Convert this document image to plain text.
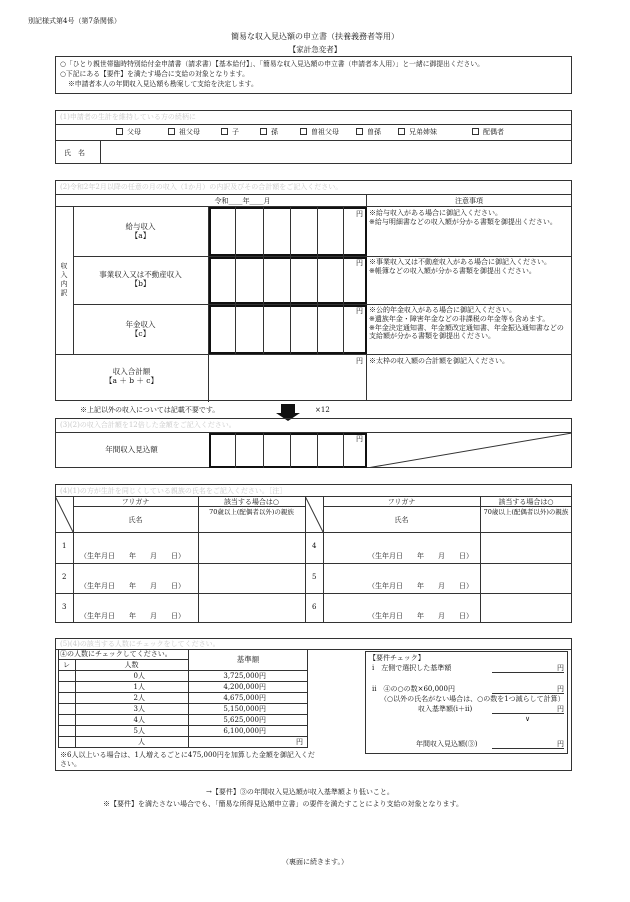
別記様式第4号（第7条関係）
簡易な収入見込額の申立書（扶養義務者等用）
【家計急変者】
○「ひとり親世帯臨時特別給付金申請書（請求書）【基本給付】」、「簡易な収入見込額の申立書（申請者本人用）」と一緒に御提出ください。
○下記にある【要件】を満たす場合に支給の対象となります。
※申請者本人の年間収入見込額も勘案して支給を決定します。
(1)申請者の生計を維持している方の続柄に
氏　名
父母	祖父母	子	孫	曽祖父母	曽孫	兄弟姉妹	配偶者
(2)令和2年2月以降の任意の月の収入（1か月）の内訳及びその合計額をご記入ください。
令和____年____月	注意事項
収入内訳
給与収入
【a】
円 ※給与収入がある場合に御記入ください。
※給与明細書などの収入額が分かる書類を御提出ください。
事業収入又は不動産収入
【b】
円 ※事業収入又は不動産収入がある場合に御記入ください。
※帳簿などの収入額が分かる書類を御提出ください。
年金収入
【c】
円 ※公的年金収入がある場合に御記入ください。
※遺族年金・障害年金などの非課税の年金等も含めます。
※年金決定通知書、年金額改定通知書、年金振込通知書などの支給額が分かる書類を御提出ください。
収入合計額
【a ＋ b ＋ c】
円 ※太枠の収入額の合計額を御記入ください。
※上記以外の収入については記載不要です。	×12
(3)(2)の収入合計額を12倍した金額をご記入ください。
年間収入見込額
円
(4)(1)の方が生計を同じくしている親族の氏名をご記入ください。［注］
フリガナ
氏名
該当する場合は○
70歳以上(配偶者以外)の親族
1
（生年月日　　年　　月　　日）
2
（生年月日　　年　　月　　日）
3
（生年月日　　年　　月　　日）
フリガナ
氏名
該当する場合は○
70歳以上(配偶者以外)の親族
4
（生年月日　　年　　月　　日）
5
（生年月日　　年　　月　　日）
6
（生年月日　　年　　月　　日）
(5)(4)の該当する人数にチェックをしてください。
④の人数にチェックしてください。
レ	人数
基準額
0人	3,725,000円
1人	4,200,000円
2人	4,675,000円
3人	5,150,000円
4人	5,625,000円
5人	6,100,000円
人	円
※6人以上いる場合は、1人増えるごとに475,000円を加算した金額を御記入ください。
【要件チェック】
i　左側で選択した基準額	円
ii　④の○の数×60,000円	円
（○以外の氏名がない場合は、○の数を1つ減らして計算）
収入基準額(i＋ii)	円
∨
年間収入見込額(③)	円
→【要件】③の年間収入見込額が収入基準額より低いこと。
※【要件】を満たさない場合でも、「簡易な所得見込額申立書」の要件を満たすことにより支給の対象となります。
（裏面に続きます。）
